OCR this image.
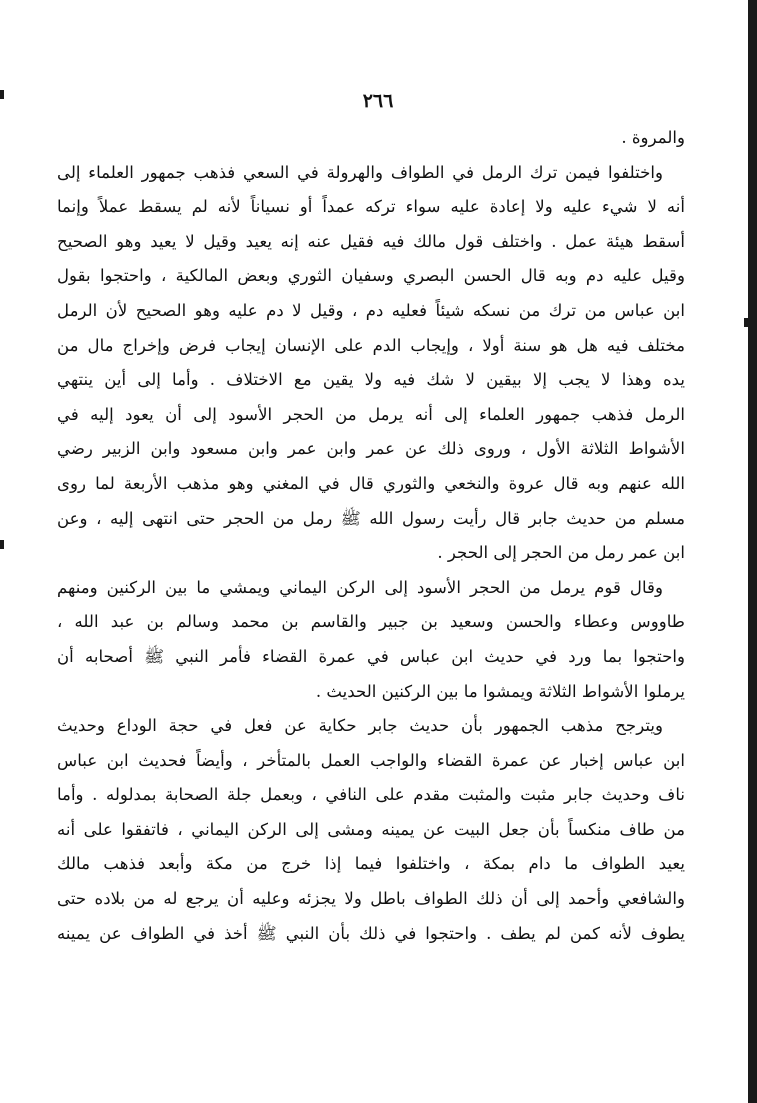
٢٦٦
والمروة .
واختلفوا فيمن ترك الرمل في الطواف والهرولة في السعي فذهب جمهور العلماء إلى
أنه لا شيء عليه ولا إعادة عليه سواء تركه عمداً أو نسياناً لأنه لم يسقط عملاً وإنما
أسقط هيئة عمل . واختلف قول مالك فيه فقيل عنه إنه يعيد وقيل لا يعيد وهو الصحيح
وقيل عليه دم وبه قال الحسن البصري وسفيان الثوري وبعض المالكية ، واحتجوا بقول
ابن عباس من ترك من نسكه شيئاً فعليه دم ، وقيل لا دم عليه وهو الصحيح لأن الرمل
مختلف فيه هل هو سنة أولا ، وإيجاب الدم على الإنسان إيجاب فرض وإخراج مال من
يده وهذا لا يجب إلا بيقين لا شك فيه ولا يقين مع الاختلاف . وأما إلى أين ينتهي
الرمل فذهب جمهور العلماء إلى أنه يرمل من الحجر الأسود إلى أن يعود إليه في
الأشواط الثلاثة الأول ، وروى ذلك عن عمر وابن عمر وابن مسعود وابن الزبير رضي
الله عنهم وبه قال عروة والنخعي والثوري قال في المغني وهو مذهب الأربعة لما روى
مسلم من حديث جابر قال رأيت رسول الله ﷺ رمل من الحجر حتى انتهى إليه ، وعن
ابن عمر رمل من الحجر إلى الحجر .
وقال قوم يرمل من الحجر الأسود إلى الركن اليماني ويمشي ما بين الركنين ومنهم
طاووس وعطاء والحسن وسعيد بن جبير والقاسم بن محمد وسالم بن عبد الله ،
واحتجوا بما ورد في حديث ابن عباس في عمرة القضاء فأمر النبي ﷺ أصحابه أن
يرملوا الأشواط الثلاثة ويمشوا ما بين الركنين الحديث .
ويترجح مذهب الجمهور بأن حديث جابر حكاية عن فعل في حجة الوداع وحديث
ابن عباس إخبار عن عمرة القضاء والواجب العمل بالمتأخر ، وأيضاً فحديث ابن عباس
ناف وحديث جابر مثبت والمثبت مقدم على النافي ، وبعمل جلة الصحابة بمدلوله . وأما
من طاف منكساً بأن جعل البيت عن يمينه ومشى إلى الركن اليماني ، فاتفقوا على أنه
يعيد الطواف ما دام بمكة ، واختلفوا فيما إذا خرج من مكة وأبعد فذهب مالك
والشافعي وأحمد إلى أن ذلك الطواف باطل ولا يجزئه وعليه أن يرجع له من بلاده حتى
يطوف لأنه كمن لم يطف . واحتجوا في ذلك بأن النبي ﷺ أخذ في الطواف عن يمينه
